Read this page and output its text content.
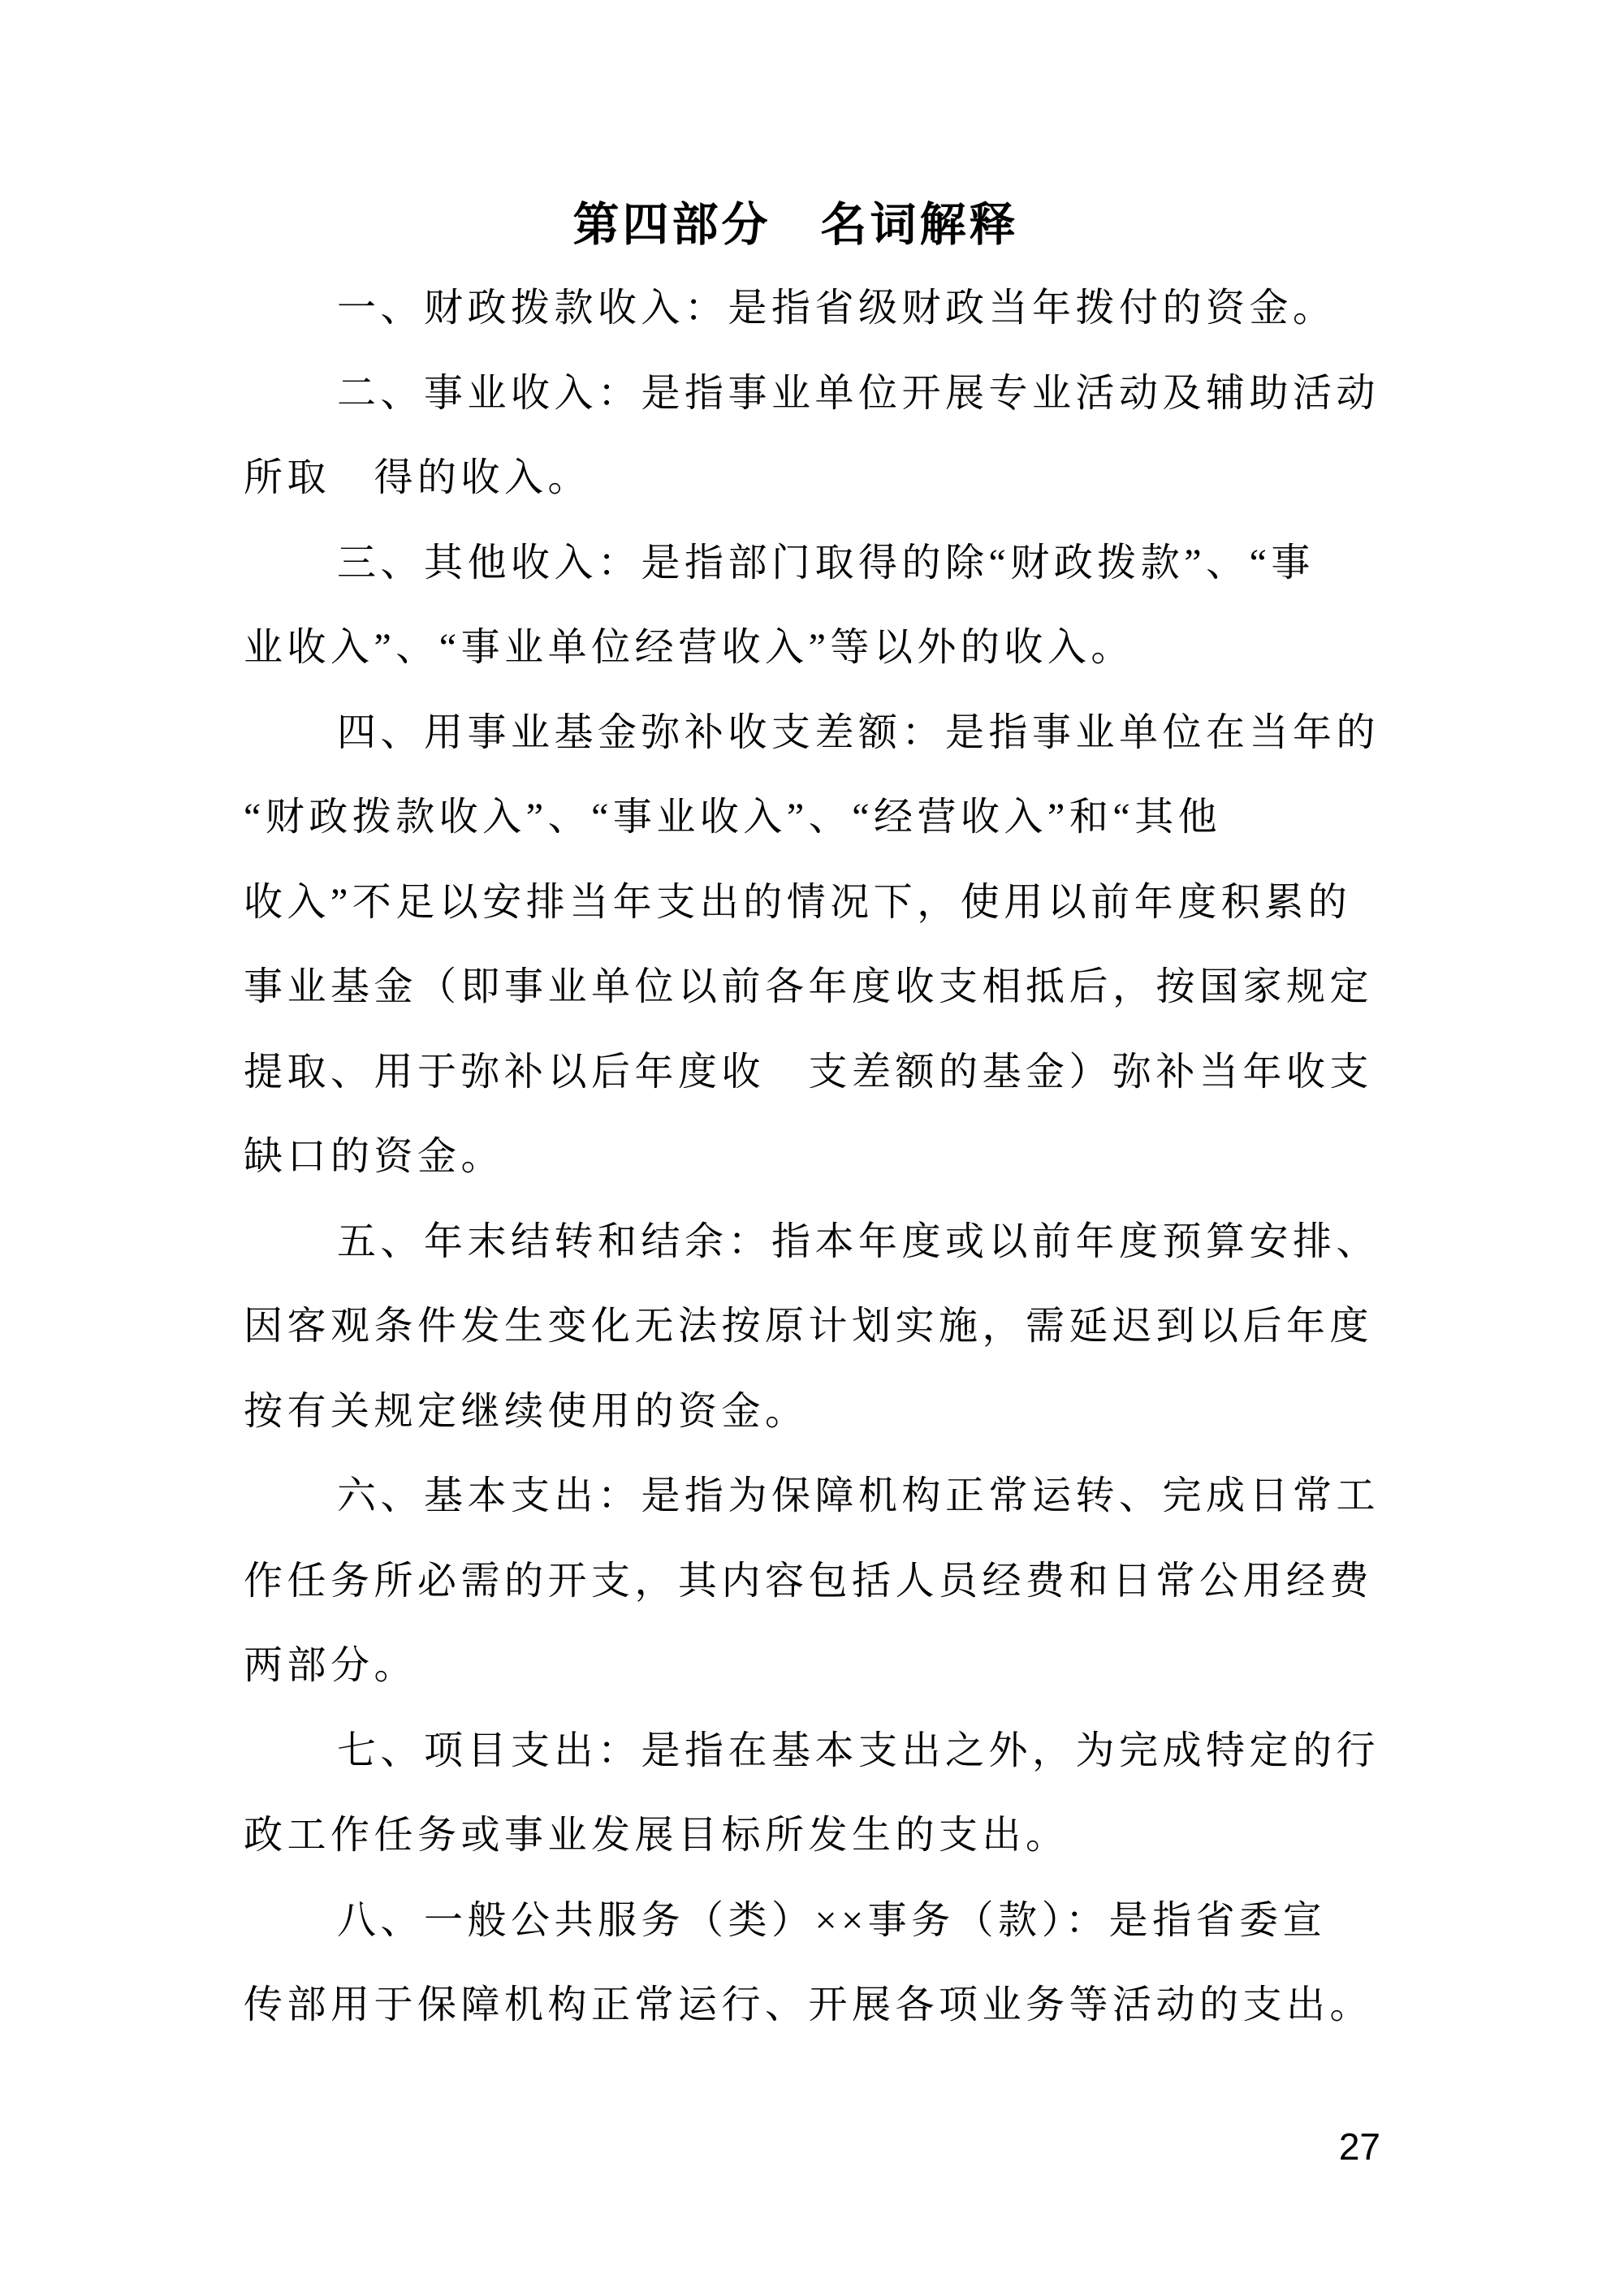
第四部分　名词解释
一、财政拨款收入：是指省级财政当年拨付的资金。
二、事业收入：是指事业单位开展专业活动及辅助活动
所取　得的收入。
三、其他收入：是指部门取得的除“财政拨款”、“事
业收入”、“事业单位经营收入”等以外的收入。
四、用事业基金弥补收支差额：是指事业单位在当年的
“财政拨款收入”、“事业收入”、“经营收入”和“其他
收入”不足以安排当年支出的情况下，使用以前年度积累的
事业基金（即事业单位以前各年度收支相抵后，按国家规定
提取、用于弥补以后年度收　支差额的基金）弥补当年收支
缺口的资金。
五、年末结转和结余：指本年度或以前年度预算安排、
因客观条件发生变化无法按原计划实施，需延迟到以后年度
按有关规定继续使用的资金。
六、基本支出：是指为保障机构正常运转、完成日常工
作任务所必需的开支，其内容包括人员经费和日常公用经费
两部分。
七、项目支出：是指在基本支出之外，为完成特定的行
政工作任务或事业发展目标所发生的支出。
八、一般公共服务（类）××事务（款）：是指省委宣
传部用于保障机构正常运行、开展各项业务等活动的支出。
27
